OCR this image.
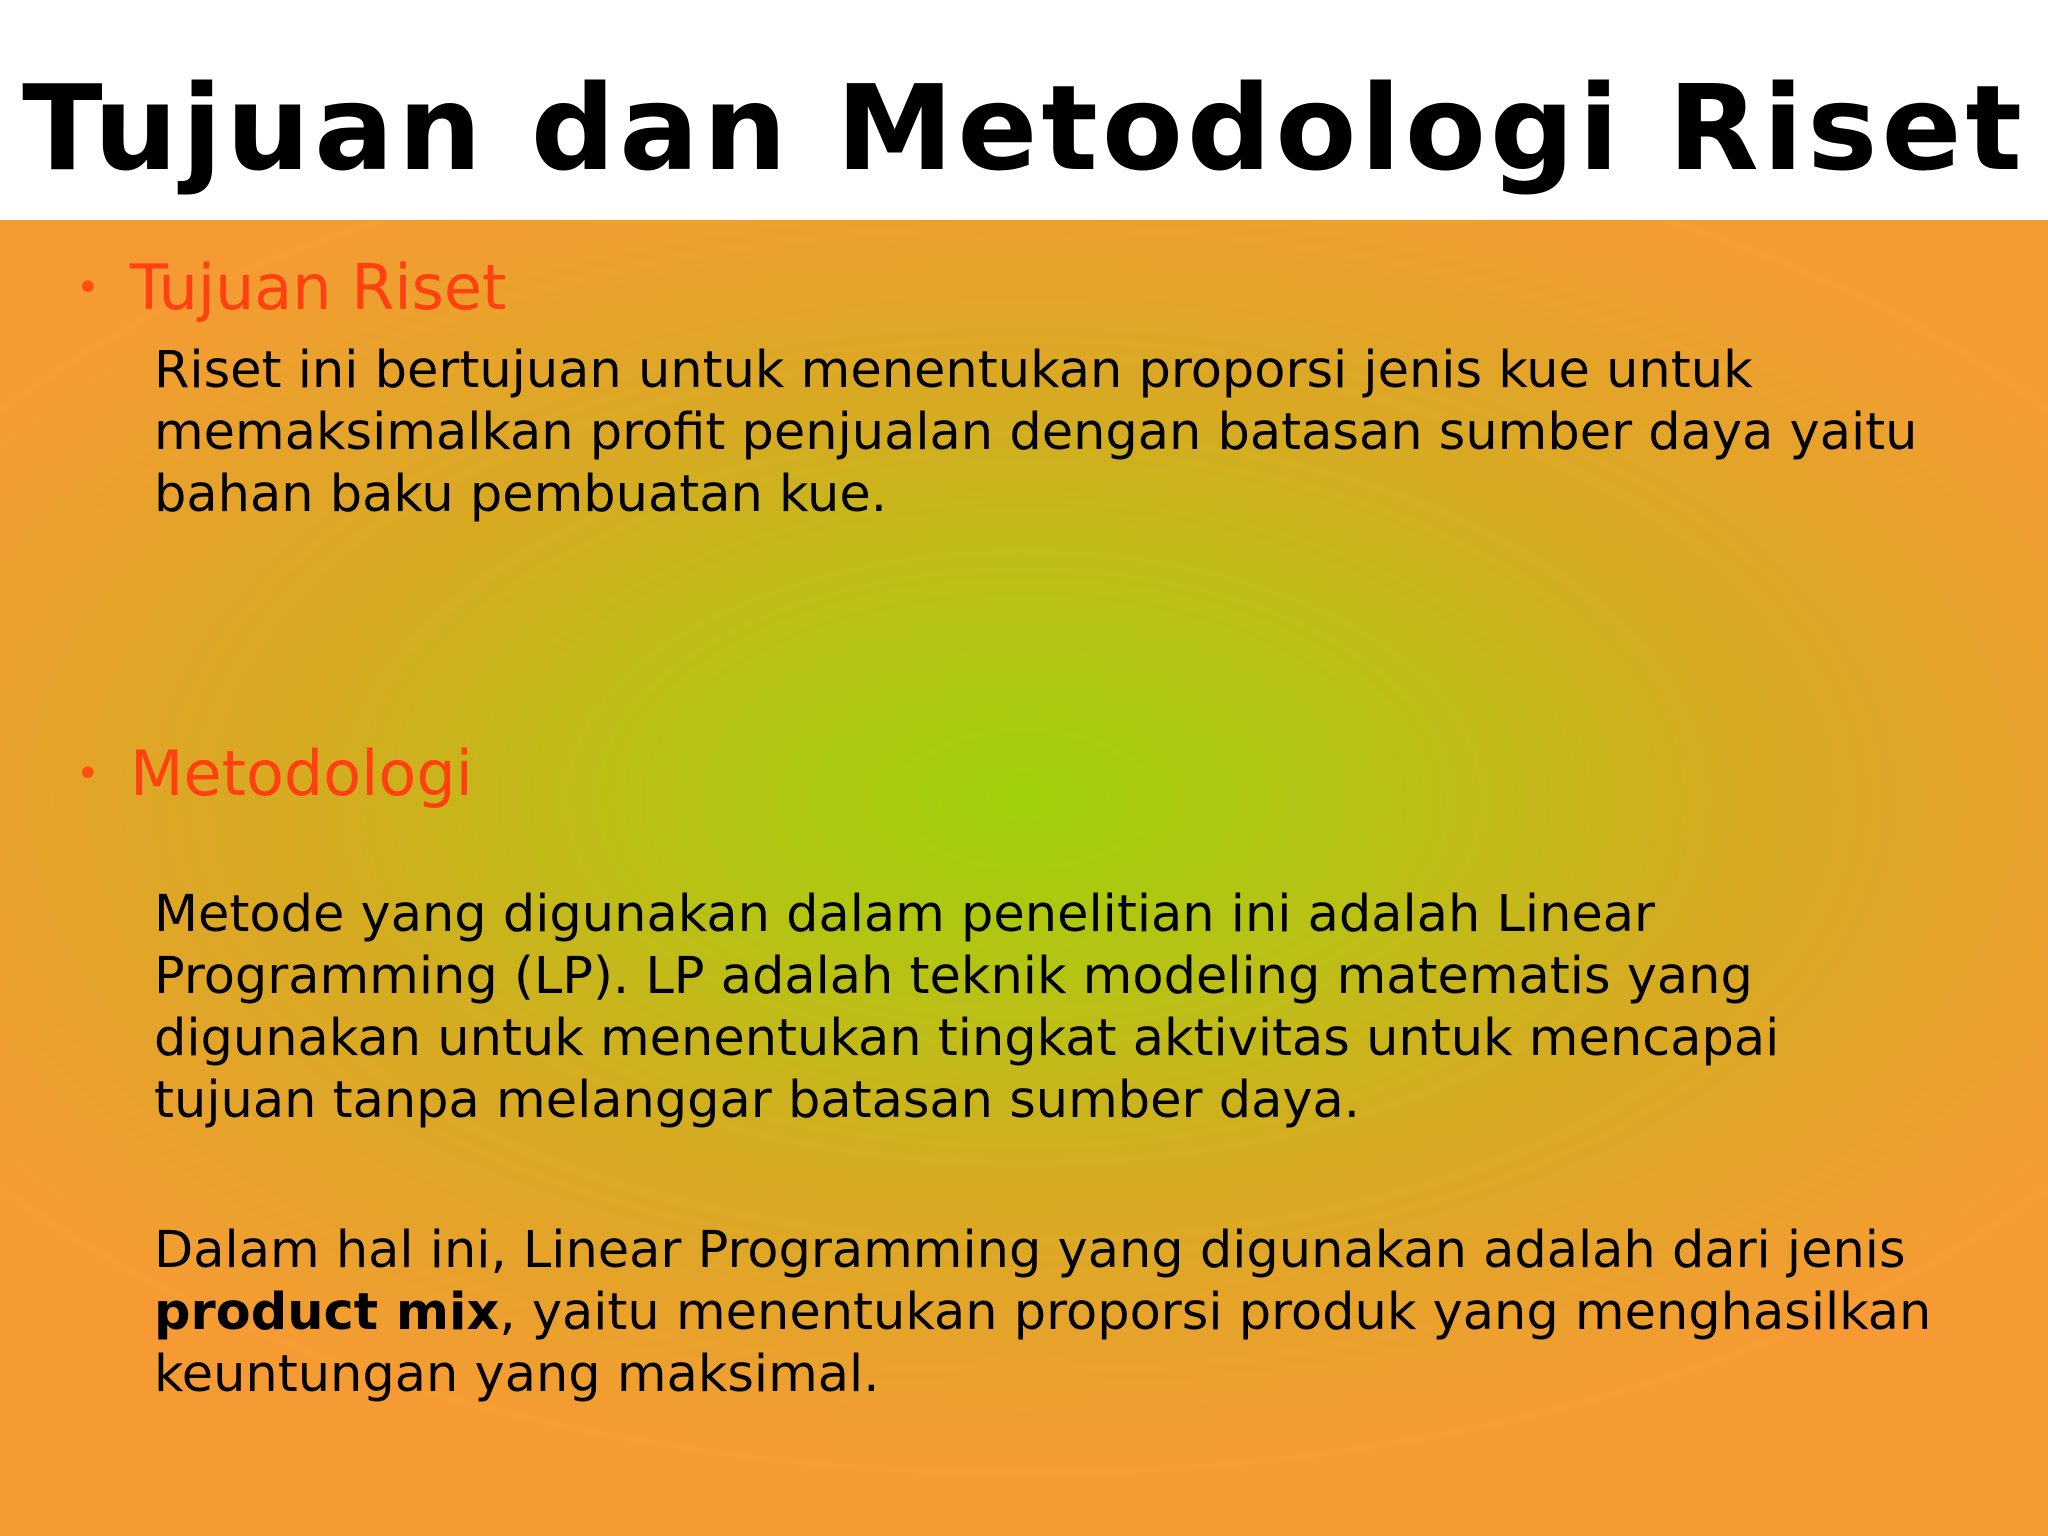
Tujuan dan Metodologi Riset
• Tujuan Riset

Riset ini bertujuan untuk menentukan proporsi jenis kue untuk memaksimalkan profit penjualan dengan batasan sumber daya yaitu bahan baku pembuatan kue.

• Metodologi

Metode yang digunakan dalam penelitian ini adalah Linear Programming (LP). LP adalah teknik modeling matematis yang digunakan untuk menentukan tingkat aktivitas untuk mencapai tujuan tanpa melanggar batasan sumber daya.

Dalam hal ini, Linear Programming yang digunakan adalah dari jenis product mix, yaitu menentukan proporsi produk yang menghasilkan keuntungan yang maksimal.
